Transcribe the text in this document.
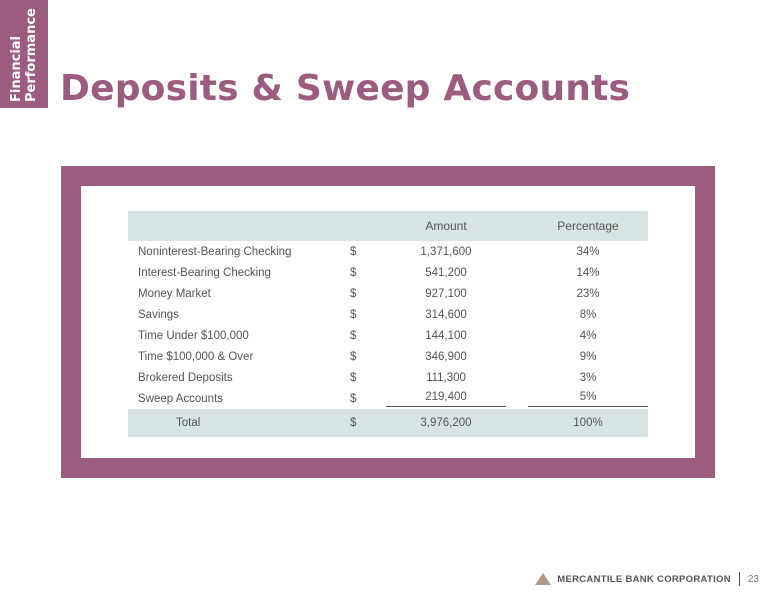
Financial Performance Deposits & Sweep Accounts
		Amount		Percentage
Noninterest-Bearing Checking	$	1,371,600		34%
Interest-Bearing Checking	$	541,200		14%
Money Market	$	927,100		23%
Savings	$	314,600		8%
Time Under $100,000	$	144,100		4%
Time $100,000 & Over	$	346,900		9%
Brokered Deposits	$	111,300		3%
Sweep Accounts	$	219,400		5%

Total	$	3,976,200		100%
MERCANTILE BANK CORPORATION 23
